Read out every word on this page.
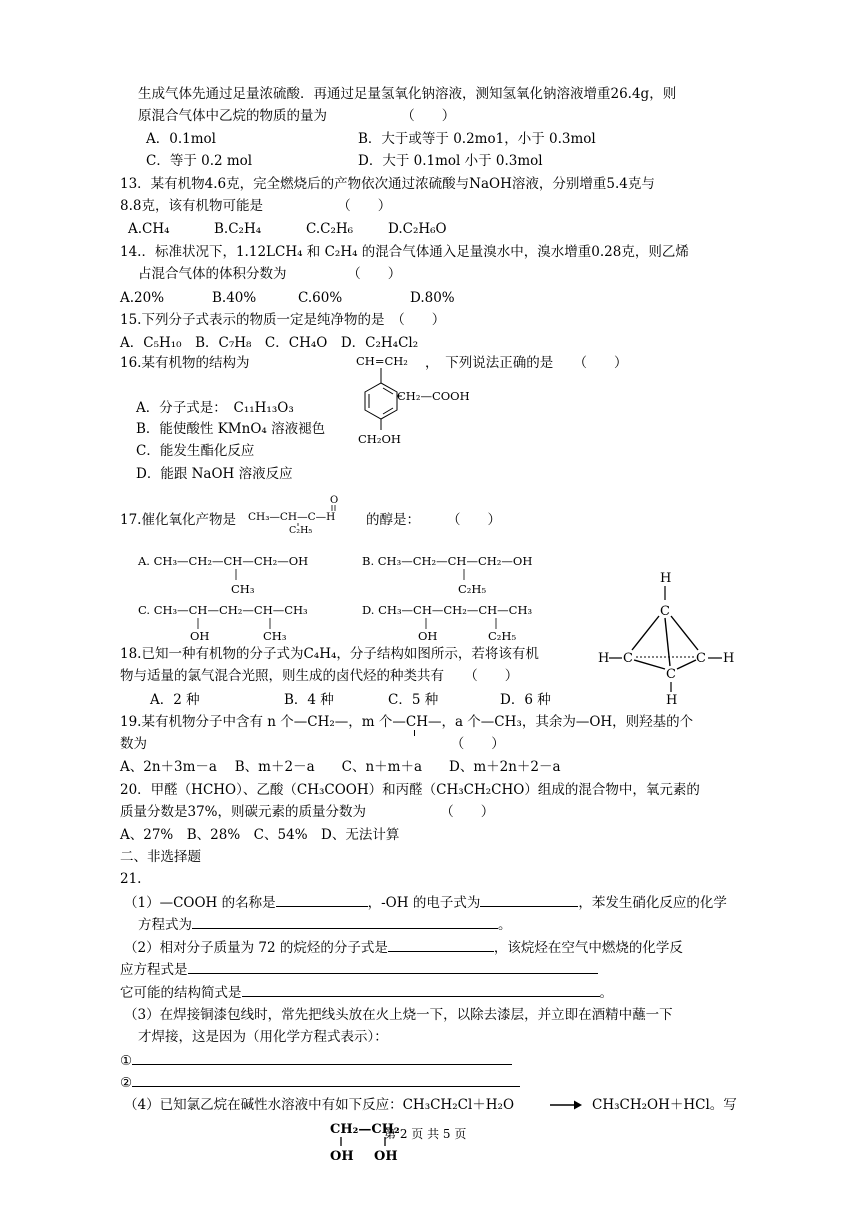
生成气体先通过足量浓硫酸．再通过足量氢氧化钠溶液，测知氢氧化钠溶液增重26.4g，则
原混合气体中乙烷的物质的量为　　　　　　（　　）
A．0.1mol	B．大于或等于 0.2mo1，小于 0.3mol
C．等于 0.2 mol	D．大于 0.1mol 小于 0.3mol
13．某有机物4.6克，完全燃烧后的产物依次通过浓硫酸与NaOH溶液，分别增重5.4克与
8.8克，该有机物可能是　　　　　　（　　）
A.CH₄	B.C₂H₄	C.C₂H₆	D.C₂H₆O
14.．标准状况下，1.12LCH₄ 和 C₂H₄ 的混合气体通入足量溴水中，溴水增重0.28克，则乙烯
占混合气体的体积分数为　　　　　（　　）
A.20%	B.40%	C.60%	D.80%
15.下列分子式表示的物质一定是纯净物的是　（　　）
A．C₅H₁₀　B．C₇H₈　C．CH₄O　D．C₂H₄Cl₂
16.某有机物的结构为	，　下列说法正确的是　　（　　）
CH=CH₂
CH₂—COOH
CH₂OH
A．分子式是：　C₁₁H₁₃O₃
B．能使酸性 KMnO₄ 溶液褪色
C．能发生酯化反应
D．能跟 NaOH 溶液反应
17.催化氧化产物是 CH₃—CH—C—H
O
C₂H₅
的醇是：　　　（　　）
A. CH₃—CH₂—CH—CH₂—OH
CH₃
B. CH₃—CH₂—CH—CH₂—OH
C₂H₅
C. CH₃—CH—CH₂—CH—CH₃
OH	CH₃
D. CH₃—CH—CH₂—CH—CH₃
OH	C₂H₅
H
C
H C	C H
C
H
18.已知一种有机物的分子式为C₄H₄，分子结构如图所示，若将该有机
物与适量的氯气混合光照，则生成的卤代烃的种类共有　　（　　）
A．2 种	B．4 种	C．5 种	D．6 种
19.某有机物分子中含有 n 个—CH₂—，m 个—CH
—，a 个—CH₃，其余为—OH，则羟基的个
数为　　　　　　　　　　　　　　　　　　　　　　　（　　）
A、2n＋3m－a　 B、m＋2－a　　C、n＋m＋a　　D、m＋2n＋2－a
20．甲醛（HCHO）、乙酸（CH₃COOH）和丙醛（CH₃CH₂CHO）组成的混合物中，氧元素的
质量分数是37%，则碳元素的质量分数为　　　　　　（　　）
A、27%　B、28%　C、54%　D、无法计算
二、非选择题
21.
（1）—COOH 的名称是	，-OH 的电子式为	，苯发生硝化反应的化学
方程式为	。
（2）相对分子质量为 72 的烷烃的分子式是	，该烷烃在空气中燃烧的化学反
应方程式是
它可能的结构简式是	。
（3）在焊接铜漆包线时，常先把线头放在火上烧一下，以除去漆层，并立即在酒精中蘸一下
才焊接，这是因为（用化学方程式表示）：
①
②
（4）已知氯乙烷在碱性水溶液中有如下反应：CH₃CH₂Cl＋H₂O → CH₃CH₂OH＋HCl。写
CH₂—CH₂
OH OH
第 2 页 共 5 页
